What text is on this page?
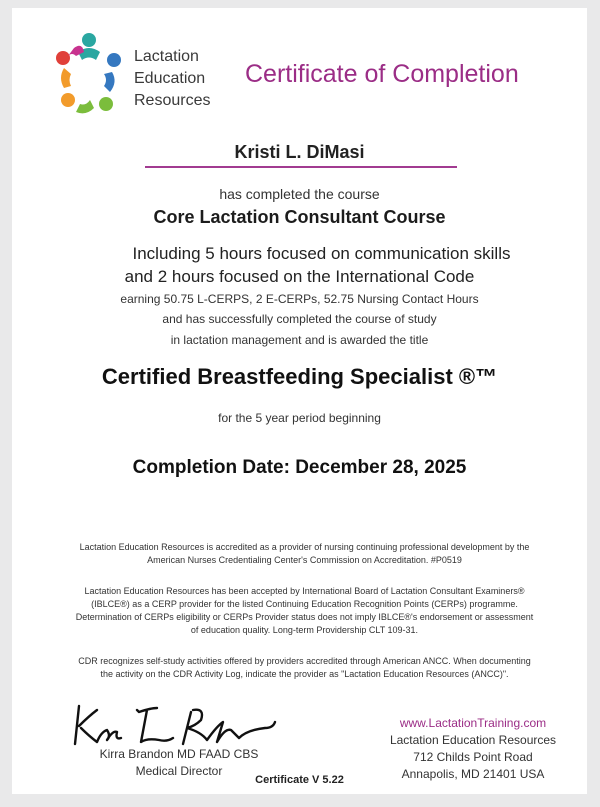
Lactation
Education
Resources
Certificate of Completion
Kristi L. DiMasi
has completed the course
Core Lactation Consultant Course
Including 5 hours focused on communication skills
and 2 hours focused on the International Code
earning 50.75 L-CERPS, 2 E-CERPs, 52.75 Nursing Contact Hours
and has successfully completed the course of study
in lactation management and is awarded the title
Certified Breastfeeding Specialist ®™
for the 5 year period beginning
Completion Date: December 28, 2025
Lactation Education Resources is accredited as a provider of nursing continuing professional development by the
American Nurses Credentialing Center's Commission on Accreditation. #P0519
Lactation Education Resources has been accepted by International Board of Lactation Consultant Examiners®
(IBLCE®) as a CERP provider for the listed Continuing Education Recognition Points (CERPs) programme.
Determination of CERPs eligibility or CERPs Provider status does not imply IBLCE®'s endorsement or assessment
of education quality. Long-term Providership CLT 109-31.
CDR recognizes self-study activities offered by providers accredited through American ANCC. When documenting
the activity on the CDR Activity Log, indicate the provider as "Lactation Education Resources (ANCC)".
Kirra Brandon MD FAAD CBS
Medical Director
www.LactationTraining.com
Lactation Education Resources
712 Childs Point Road
Annapolis, MD 21401 USA
Certificate V 5.22
